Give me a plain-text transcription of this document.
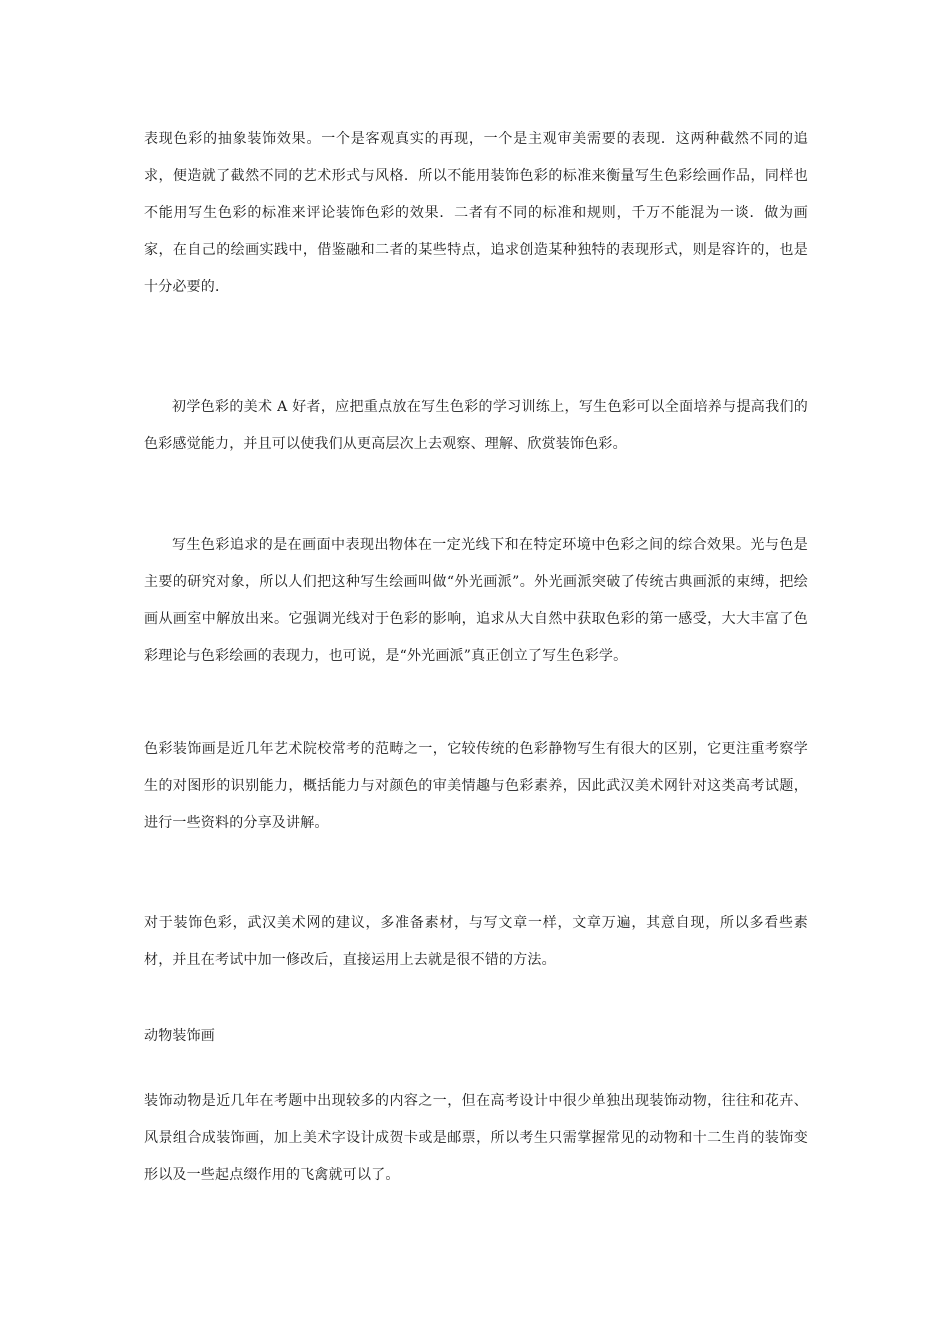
表现色彩的抽象装饰效果。一个是客观真实的再现，一个是主观审美需要的表现．这两种截然不同的追求，便造就了截然不同的艺术形式与风格．所以不能用装饰色彩的标准来衡量写生色彩绘画作品，同样也不能用写生色彩的标准来评论装饰色彩的效果．二者有不同的标准和规则，千万不能混为一谈．做为画家，在自己的绘画实践中，借鉴融和二者的某些特点，追求创造某种独特的表现形式，则是容许的，也是十分必要的．

初学色彩的美术 A 好者，应把重点放在写生色彩的学习训练上，写生色彩可以全面培养与提高我们的色彩感觉能力，并且可以使我们从更高层次上去观察、理解、欣赏装饰色彩。

写生色彩追求的是在画面中表现出物体在一定光线下和在特定环境中色彩之间的综合效果。光与色是主要的研究对象，所以人们把这种写生绘画叫做“外光画派”。外光画派突破了传统古典画派的束缚，把绘画从画室中解放出来。它强调光线对于色彩的影响，追求从大自然中获取色彩的第一感受，大大丰富了色彩理论与色彩绘画的表现力，也可说，是“外光画派”真正创立了写生色彩学。

色彩装饰画是近几年艺术院校常考的范畴之一，它较传统的色彩静物写生有很大的区别，它更注重考察学生的对图形的识别能力，概括能力与对颜色的审美情趣与色彩素养，因此武汉美术网针对这类高考试题，进行一些资料的分享及讲解。

对于装饰色彩，武汉美术网的建议，多准备素材，与写文章一样，文章万遍，其意自现，所以多看些素材，并且在考试中加一修改后，直接运用上去就是很不错的方法。

动物装饰画

装饰动物是近几年在考题中出现较多的内容之一，但在高考设计中很少单独出现装饰动物，往往和花卉、风景组合成装饰画，加上美术字设计成贺卡或是邮票，所以考生只需掌握常见的动物和十二生肖的装饰变形以及一些起点缀作用的飞禽就可以了。
